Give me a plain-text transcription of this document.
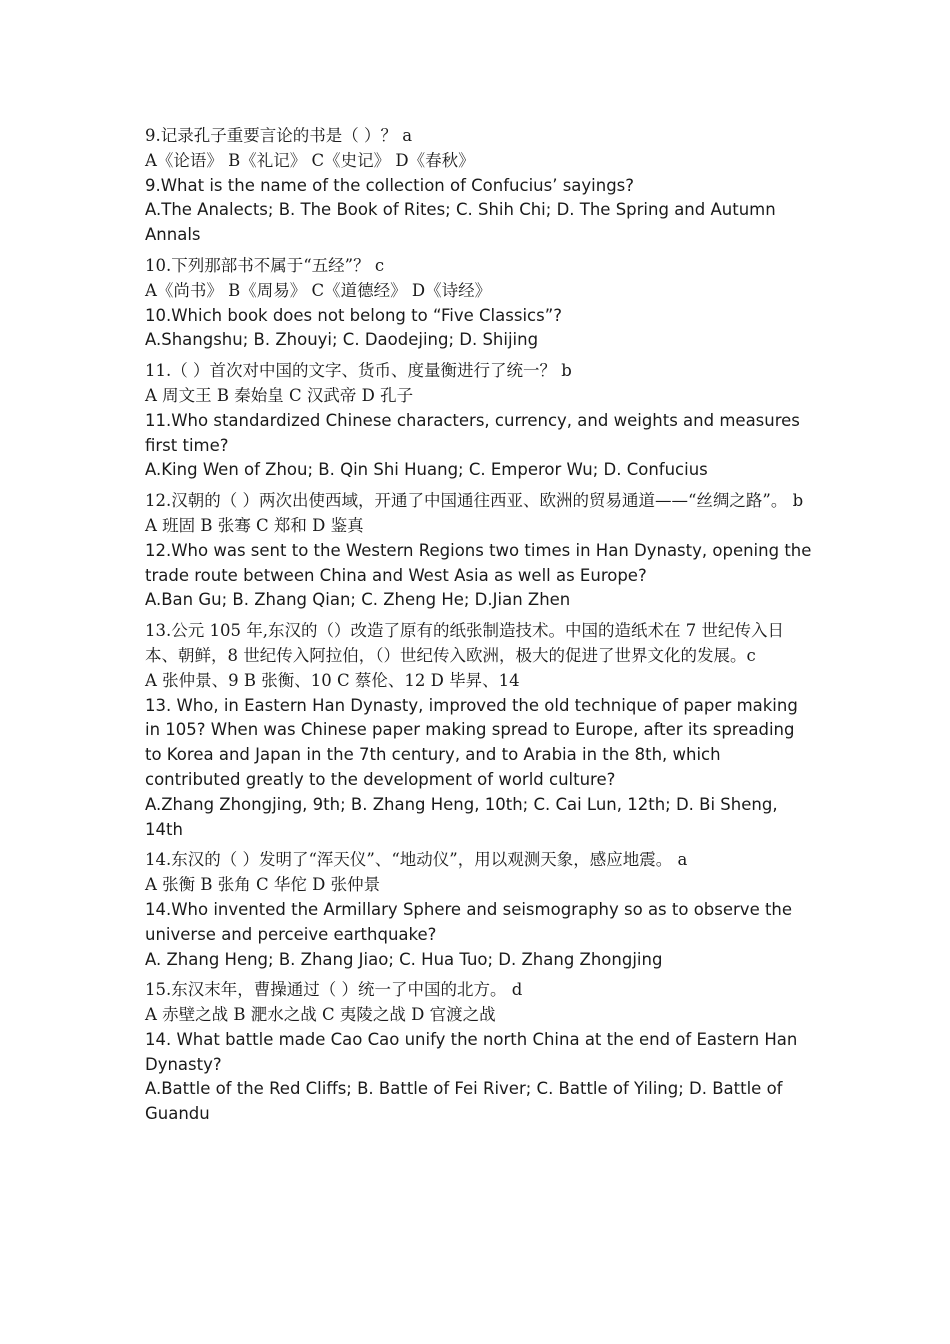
9.记录孔子重要言论的书是（ ）？ a
A《论语》 B《礼记》 C《史记》 D《春秋》
9.What is the name of the collection of Confucius’ sayings?
A.The Analects; B. The Book of Rites; C. Shih Chi; D. The Spring and Autumn Annals
10.下列那部书不属于“五经”？ c
A《尚书》 B《周易》 C《道德经》 D《诗经》
10.Which book does not belong to “Five Classics”?
A.Shangshu; B. Zhouyi; C. Daodejing; D. Shijing
11.（ ）首次对中国的文字、货币、度量衡进行了统一？ b
A 周文王 B 秦始皇 C 汉武帝 D 孔子
11.Who standardized Chinese characters, currency, and weights and measures first time?
A.King Wen of Zhou; B. Qin Shi Huang; C. Emperor Wu; D. Confucius
12.汉朝的（ ）两次出使西域，开通了中国通往西亚、欧洲的贸易通道——“丝绸之路”。 b
A 班固 B 张骞 C 郑和 D 鉴真
12.Who was sent to the Western Regions two times in Han Dynasty, opening the trade route between China and West Asia as well as Europe?
A.Ban Gu; B. Zhang Qian; C. Zheng He; D.Jian Zhen
13.公元 105 年,东汉的（）改造了原有的纸张制造技术。中国的造纸术在 7 世纪传入日本、朝鲜，8 世纪传入阿拉伯，（）世纪传入欧洲，极大的促进了世界文化的发展。c
A 张仲景、9 B 张衡、10 C 蔡伦、12 D 毕昇、14
13. Who, in Eastern Han Dynasty, improved the old technique of paper making in 105? When was Chinese paper making spread to Europe, after its spreading to Korea and Japan in the 7th century, and to Arabia in the 8th, which contributed greatly to the development of world culture?
A.Zhang Zhongjing, 9th; B. Zhang Heng, 10th; C. Cai Lun, 12th; D. Bi Sheng, 14th
14.东汉的（ ）发明了“浑天仪”、“地动仪”，用以观测天象，感应地震。 a
A 张衡 B 张角 C 华佗 D 张仲景
14.Who invented the Armillary Sphere and seismography so as to observe the universe and perceive earthquake?
A. Zhang Heng; B. Zhang Jiao; C. Hua Tuo; D. Zhang Zhongjing
15.东汉末年，曹操通过（ ）统一了中国的北方。 d
A 赤壁之战 B 淝水之战 C 夷陵之战 D 官渡之战
14. What battle made Cao Cao unify the north China at the end of Eastern Han Dynasty?
A.Battle of the Red Cliffs; B. Battle of Fei River; C. Battle of Yiling; D. Battle of Guandu
